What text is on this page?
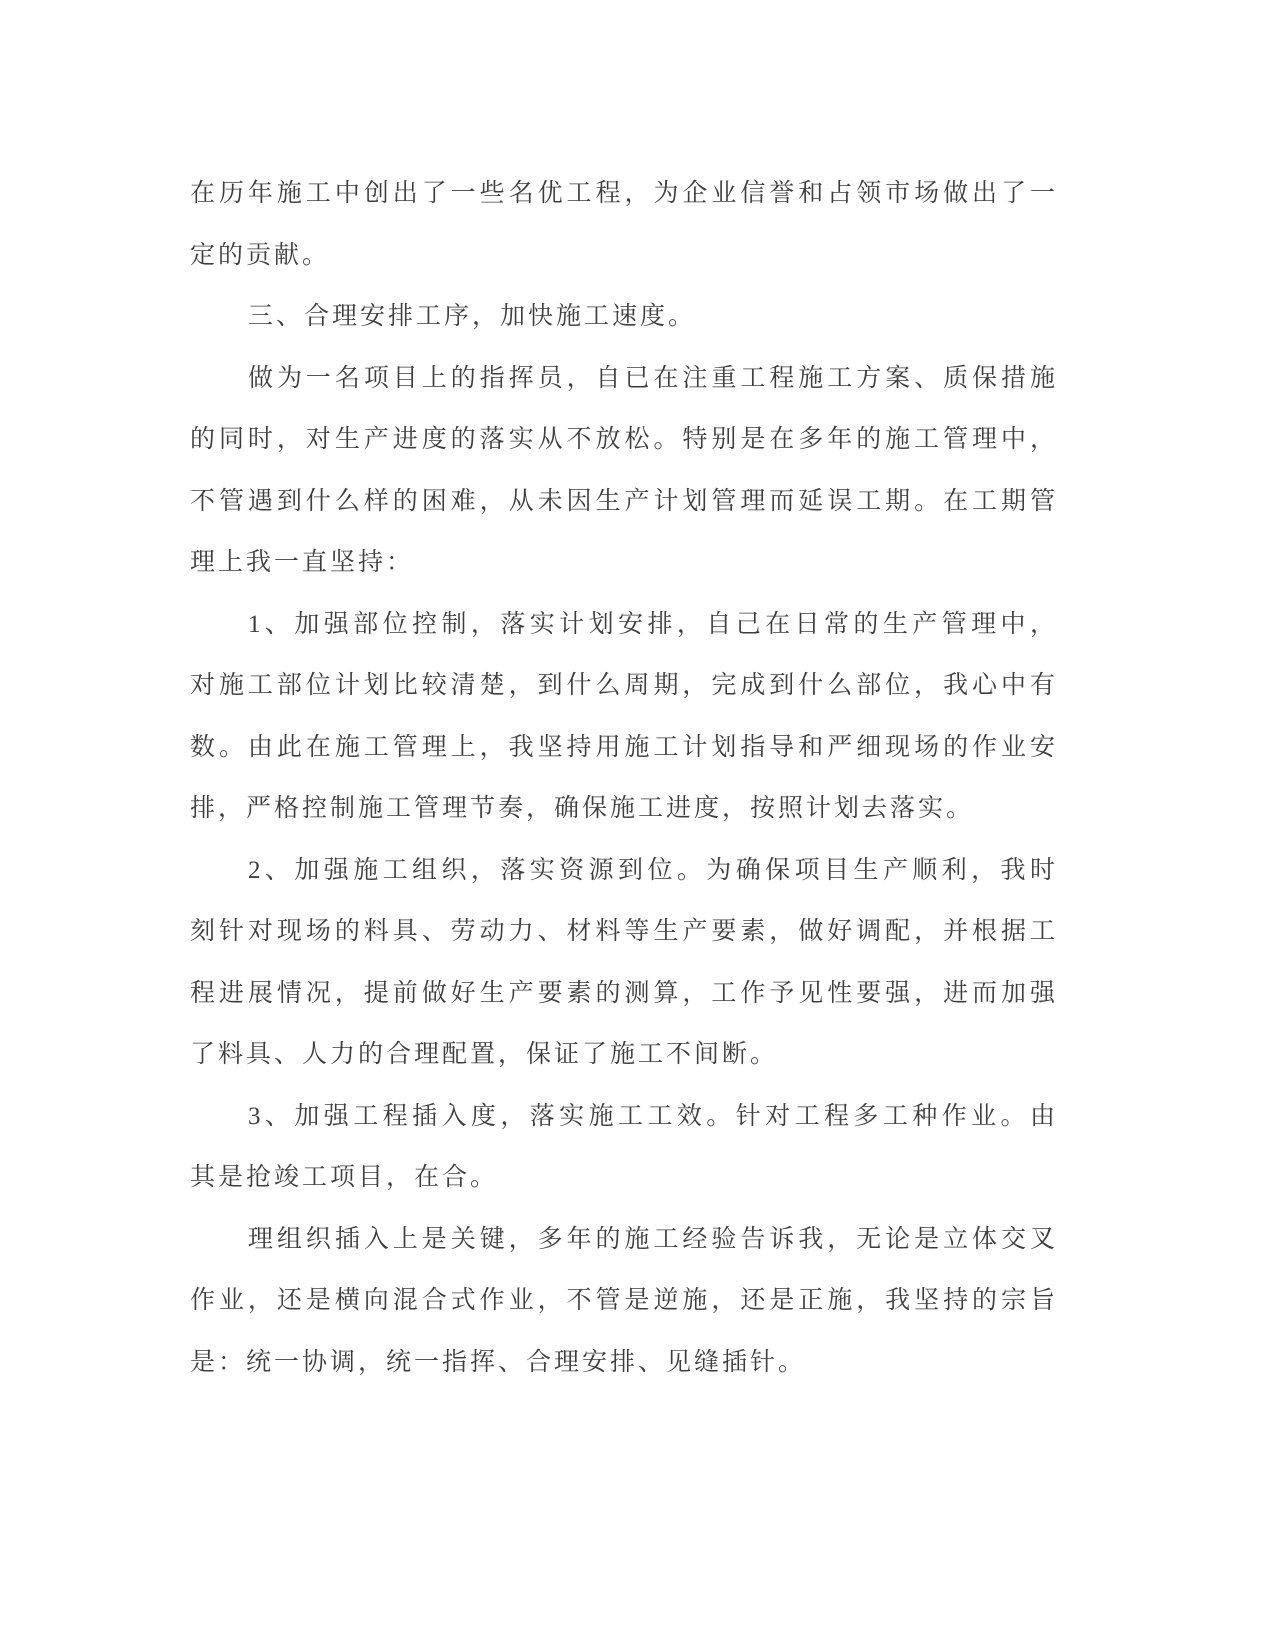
在历年施工中创出了一些名优工程，为企业信誉和占领市场做出了一
定的贡献。
三、合理安排工序，加快施工速度。
做为一名项目上的指挥员，自已在注重工程施工方案、质保措施
的同时，对生产进度的落实从不放松。特别是在多年的施工管理中，
不管遇到什么样的困难，从未因生产计划管理而延误工期。在工期管
理上我一直坚持：
1、加强部位控制，落实计划安排，自己在日常的生产管理中，
对施工部位计划比较清楚，到什么周期，完成到什么部位，我心中有
数。由此在施工管理上，我坚持用施工计划指导和严细现场的作业安
排，严格控制施工管理节奏，确保施工进度，按照计划去落实。
2、加强施工组织，落实资源到位。为确保项目生产顺利，我时
刻针对现场的料具、劳动力、材料等生产要素，做好调配，并根据工
程进展情况，提前做好生产要素的测算，工作予见性要强，进而加强
了料具、人力的合理配置，保证了施工不间断。
3、加强工程插入度，落实施工工效。针对工程多工种作业。由
其是抢竣工项目，在合。
理组织插入上是关键，多年的施工经验告诉我，无论是立体交叉
作业，还是横向混合式作业，不管是逆施，还是正施，我坚持的宗旨
是：统一协调，统一指挥、合理安排、见缝插针。
